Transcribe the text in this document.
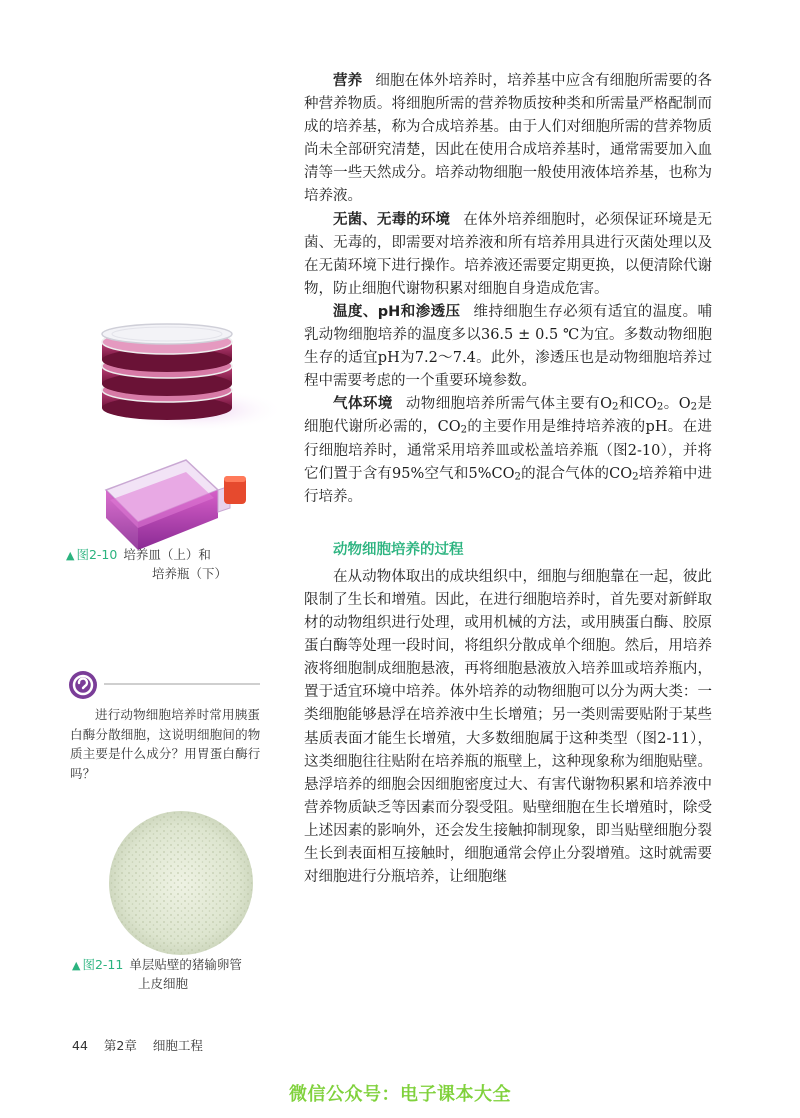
营养 细胞在体外培养时，培养基中应含有细胞所需要的各种营养物质。将细胞所需的营养物质按种类和所需量严格配制而成的培养基，称为合成培养基。由于人们对细胞所需的营养物质尚未全部研究清楚，因此在使用合成培养基时，通常需要加入血清等一些天然成分。培养动物细胞一般使用液体培养基，也称为培养液。

无菌、无毒的环境 在体外培养细胞时，必须保证环境是无菌、无毒的，即需要对培养液和所有培养用具进行灭菌处理以及在无菌环境下进行操作。培养液还需要定期更换，以便清除代谢物，防止细胞代谢物积累对细胞自身造成危害。

温度、pH和渗透压 维持细胞生存必须有适宜的温度。哺乳动物细胞培养的温度多以36.5 ± 0.5 ℃为宜。多数动物细胞生存的适宜pH为7.2～7.4。此外，渗透压也是动物细胞培养过程中需要考虑的一个重要环境参数。

气体环境 动物细胞培养所需气体主要有O2和CO2。O2是细胞代谢所必需的，CO2的主要作用是维持培养液的pH。在进行细胞培养时，通常采用培养皿或松盖培养瓶（图2-10），并将它们置于含有95%空气和5%CO2的混合气体的CO2培养箱中进行培养。

动物细胞培养的过程

在从动物体取出的成块组织中，细胞与细胞靠在一起，彼此限制了生长和增殖。因此，在进行细胞培养时，首先要对新鲜取材的动物组织进行处理，或用机械的方法，或用胰蛋白酶、胶原蛋白酶等处理一段时间，将组织分散成单个细胞。然后，用培养液将细胞制成细胞悬液，再将细胞悬液放入培养皿或培养瓶内，置于适宜环境中培养。体外培养的动物细胞可以分为两大类：一类细胞能够悬浮在培养液中生长增殖；另一类则需要贴附于某些基质表面才能生长增殖，大多数细胞属于这种类型（图2-11），这类细胞往往贴附在培养瓶的瓶壁上，这种现象称为细胞贴壁。悬浮培养的细胞会因细胞密度过大、有害代谢物积累和培养液中营养物质缺乏等因素而分裂受阻。贴壁细胞在生长增殖时，除受上述因素的影响外，还会发生接触抑制现象，即当贴壁细胞分裂生长到表面相互接触时，细胞通常会停止分裂增殖。这时就需要对细胞进行分瓶培养，让细胞继

▲ 图2-10 培养皿（上）和
培养瓶（下）

进行动物细胞培养时常用胰蛋白酶分散细胞，这说明细胞间的物质主要是什么成分？用胃蛋白酶行吗？

▲ 图2-11 单层贴壁的猪输卵管
上皮细胞
44 第2章 细胞工程
微信公众号：电子课本大全
